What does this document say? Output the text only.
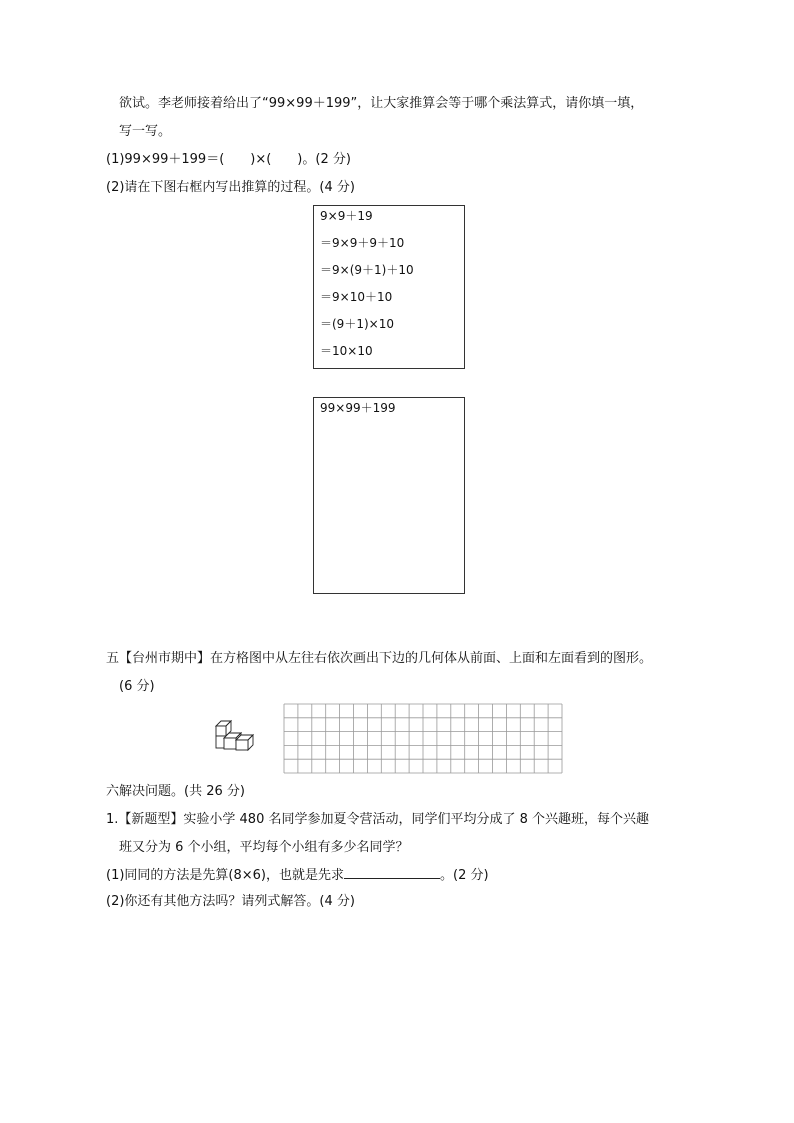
欲试。李老师接着给出了“99×99＋199”，让大家推算会等于哪个乘法算式，请你填一填，
写一写。
(1)99×99＋199＝(　　)×(　　)。(2 分)
(2)请在下图右框内写出推算的过程。(4 分)
9×9＋19
＝9×9＋9＋10
＝9×(9＋1)＋10
＝9×10＋10
＝(9＋1)×10
＝10×10
99×99＋199
五【台州市期中】在方格图中从左往右依次画出下边的几何体从前面、上面和左面看到的图形。
(6 分)
六解决问题。(共 26 分)
1.【新题型】实验小学 480 名同学参加夏令营活动，同学们平均分成了 8 个兴趣班，每个兴趣
班又分为 6 个小组，平均每个小组有多少名同学？
(1)同同的方法是先算(8×6)，也就是先求	。(2 分)
(2)你还有其他方法吗？请列式解答。(4 分)
